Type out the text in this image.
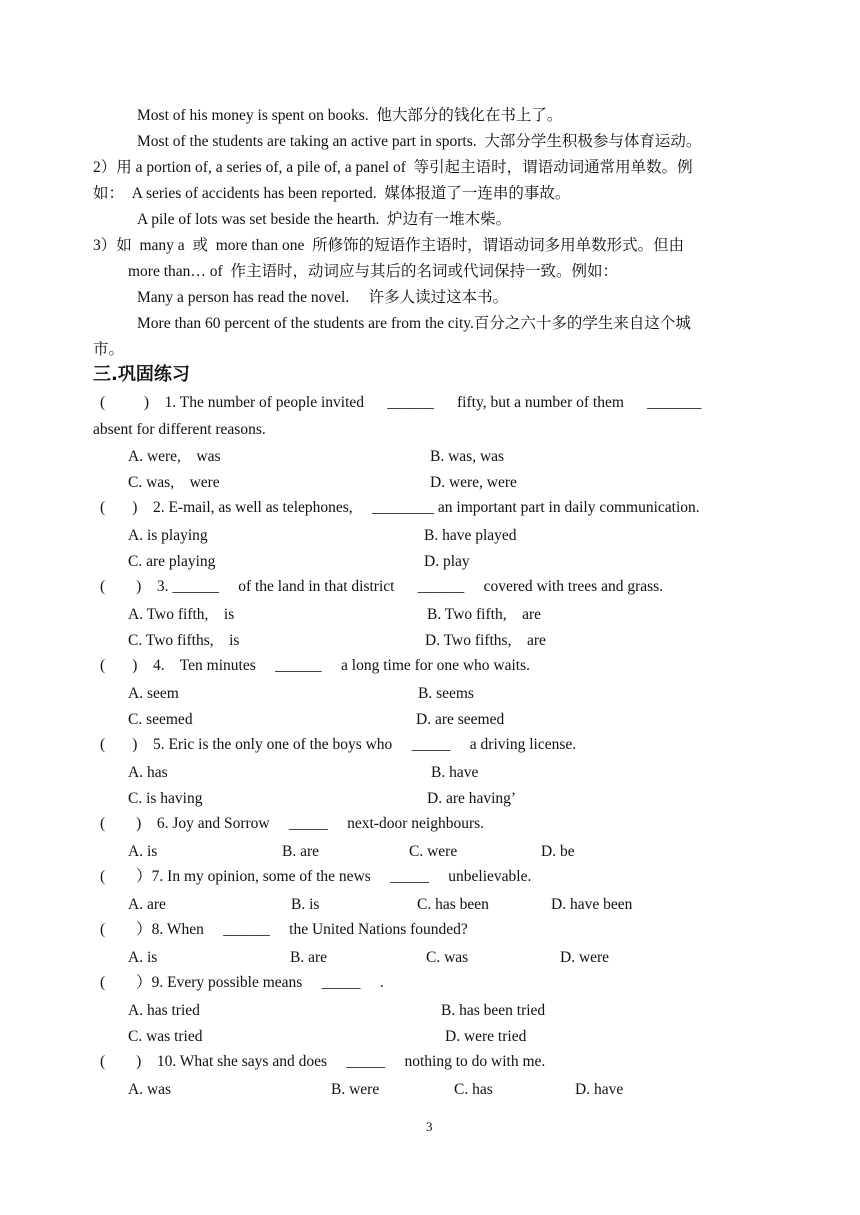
Most of his money is spent on books.  他大部分的钱化在书上了。
Most of the students are taking an active part in sports.  大部分学生积极参与体育运动。
2）用 a portion of, a series of, a pile of, a panel of  等引起主语时，谓语动词通常用单数。例
如：  A series of accidents has been reported.  媒体报道了一连串的事故。
A pile of lots was set beside the hearth.  炉边有一堆木柴。
3）如  many a  或  more than one  所修饰的短语作主语时，谓语动词多用单数形式。但由
more than… of  作主语时，动词应与其后的名词或代词保持一致。例如：
Many a person has read the novel.     许多人读过这本书。
More than 60 percent of the students are from the city.百分之六十多的学生来自这个城
市。
三.巩固练习
(          )    1. The number of people invited      ______      fifty, but a number of them      _______
absent for different reasons.
A. were,    was	B. was, was
C. was,    were	D. were, were
(       )    2. E-mail, as well as telephones,     ________ an important part in daily communication.
A. is playing	B. have played
C. are playing	D. play
(        )    3. ______     of the land in that district      ______     covered with trees and grass.
A. Two fifth,    is	B. Two fifth,    are
C. Two fifths,    is	D. Two fifths,    are
(       )    4.    Ten minutes     ______     a long time for one who waits.
A. seem	B. seems
C. seemed	D. are seemed
(       )    5. Eric is the only one of the boys who     _____     a driving license.
A. has	B. have
C. is having	D. are having’
(        )    6. Joy and Sorrow     _____     next-door neighbours.
A. is	B. are	C. were	D. be
(        ）7. In my opinion, some of the news     _____     unbelievable.
A. are	B. is	C. has been	D. have been
(        ）8. When     ______     the United Nations founded?
A. is	B. are	C. was	D. were
(        ）9. Every possible means     _____     .
A. has tried	B. has been tried
C. was tried	D. were tried
(        )    10. What she says and does     _____     nothing to do with me.
A. was	B. were	C. has	D. have
3
